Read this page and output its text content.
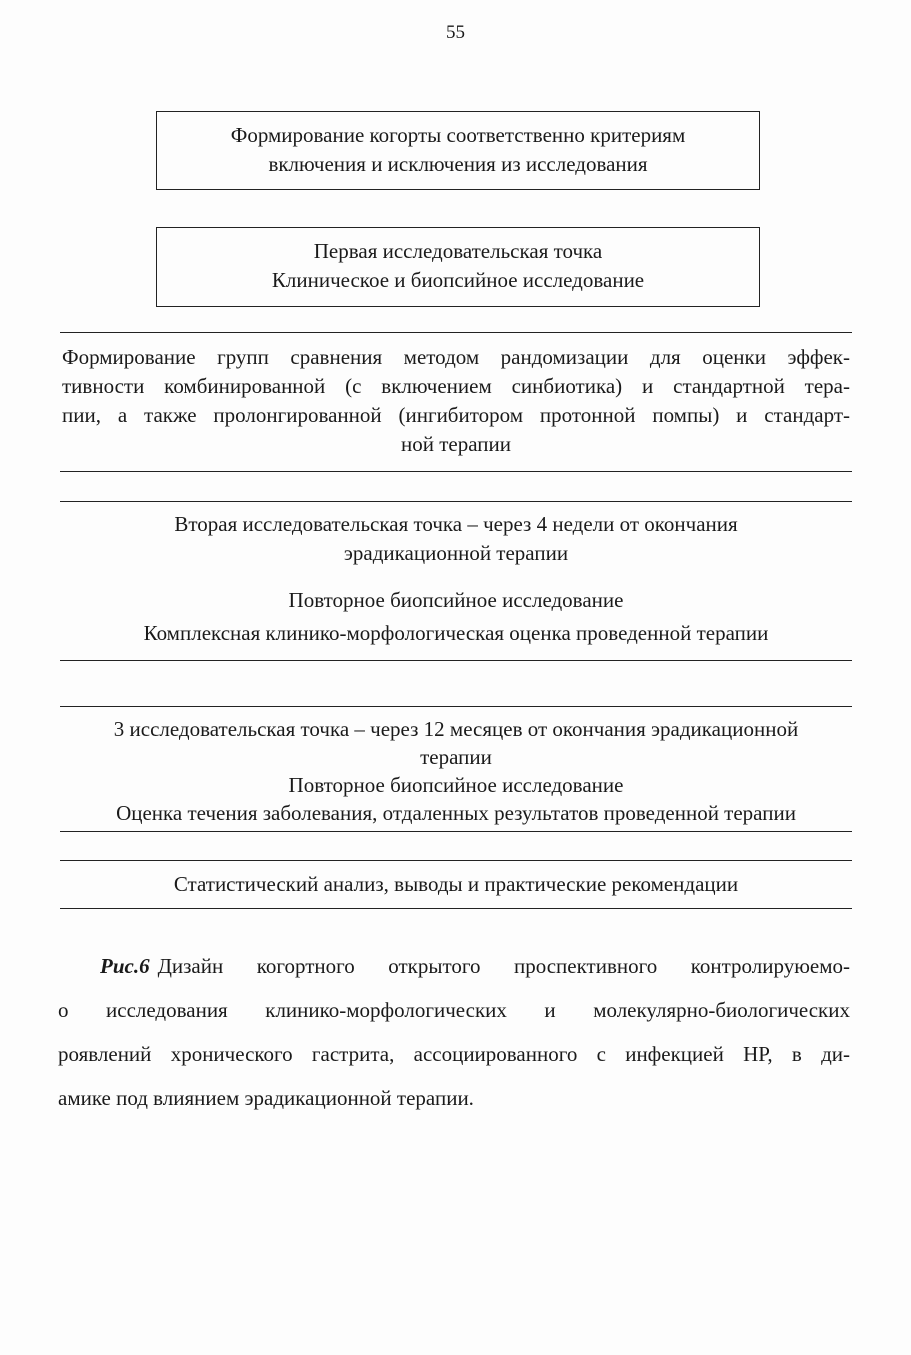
55
Формирование когорты соответственно критериям
включения и исключения из исследования
Первая исследовательская точка
Клиническое и биопсийное исследование
Формирование групп сравнения методом рандомизации для оценки эффек-
тивности комбинированной (с включением синбиотика) и стандартной тера-
пии, а также пролонгированной (ингибитором протонной помпы) и стандарт-
ной терапии
Вторая исследовательская точка – через 4 недели от окончания
эрадикационной терапии
Повторное биопсийное исследование
Комплексная клинико-морфологическая оценка проведенной терапии
3 исследовательская точка – через 12 месяцев от окончания эрадикационной
терапии
Повторное биопсийное исследование
Оценка течения заболевания, отдаленных результатов проведенной терапии
Статистический анализ, выводы и практические рекомендации
Рис.6 Дизайн когортного открытого проспективного контролируюемо-
о исследования клинико-морфологических и молекулярно-биологических
роявлений хронического гастрита, ассоциированного с инфекцией НР, в ди-
амике под влиянием эрадикационной терапии.
